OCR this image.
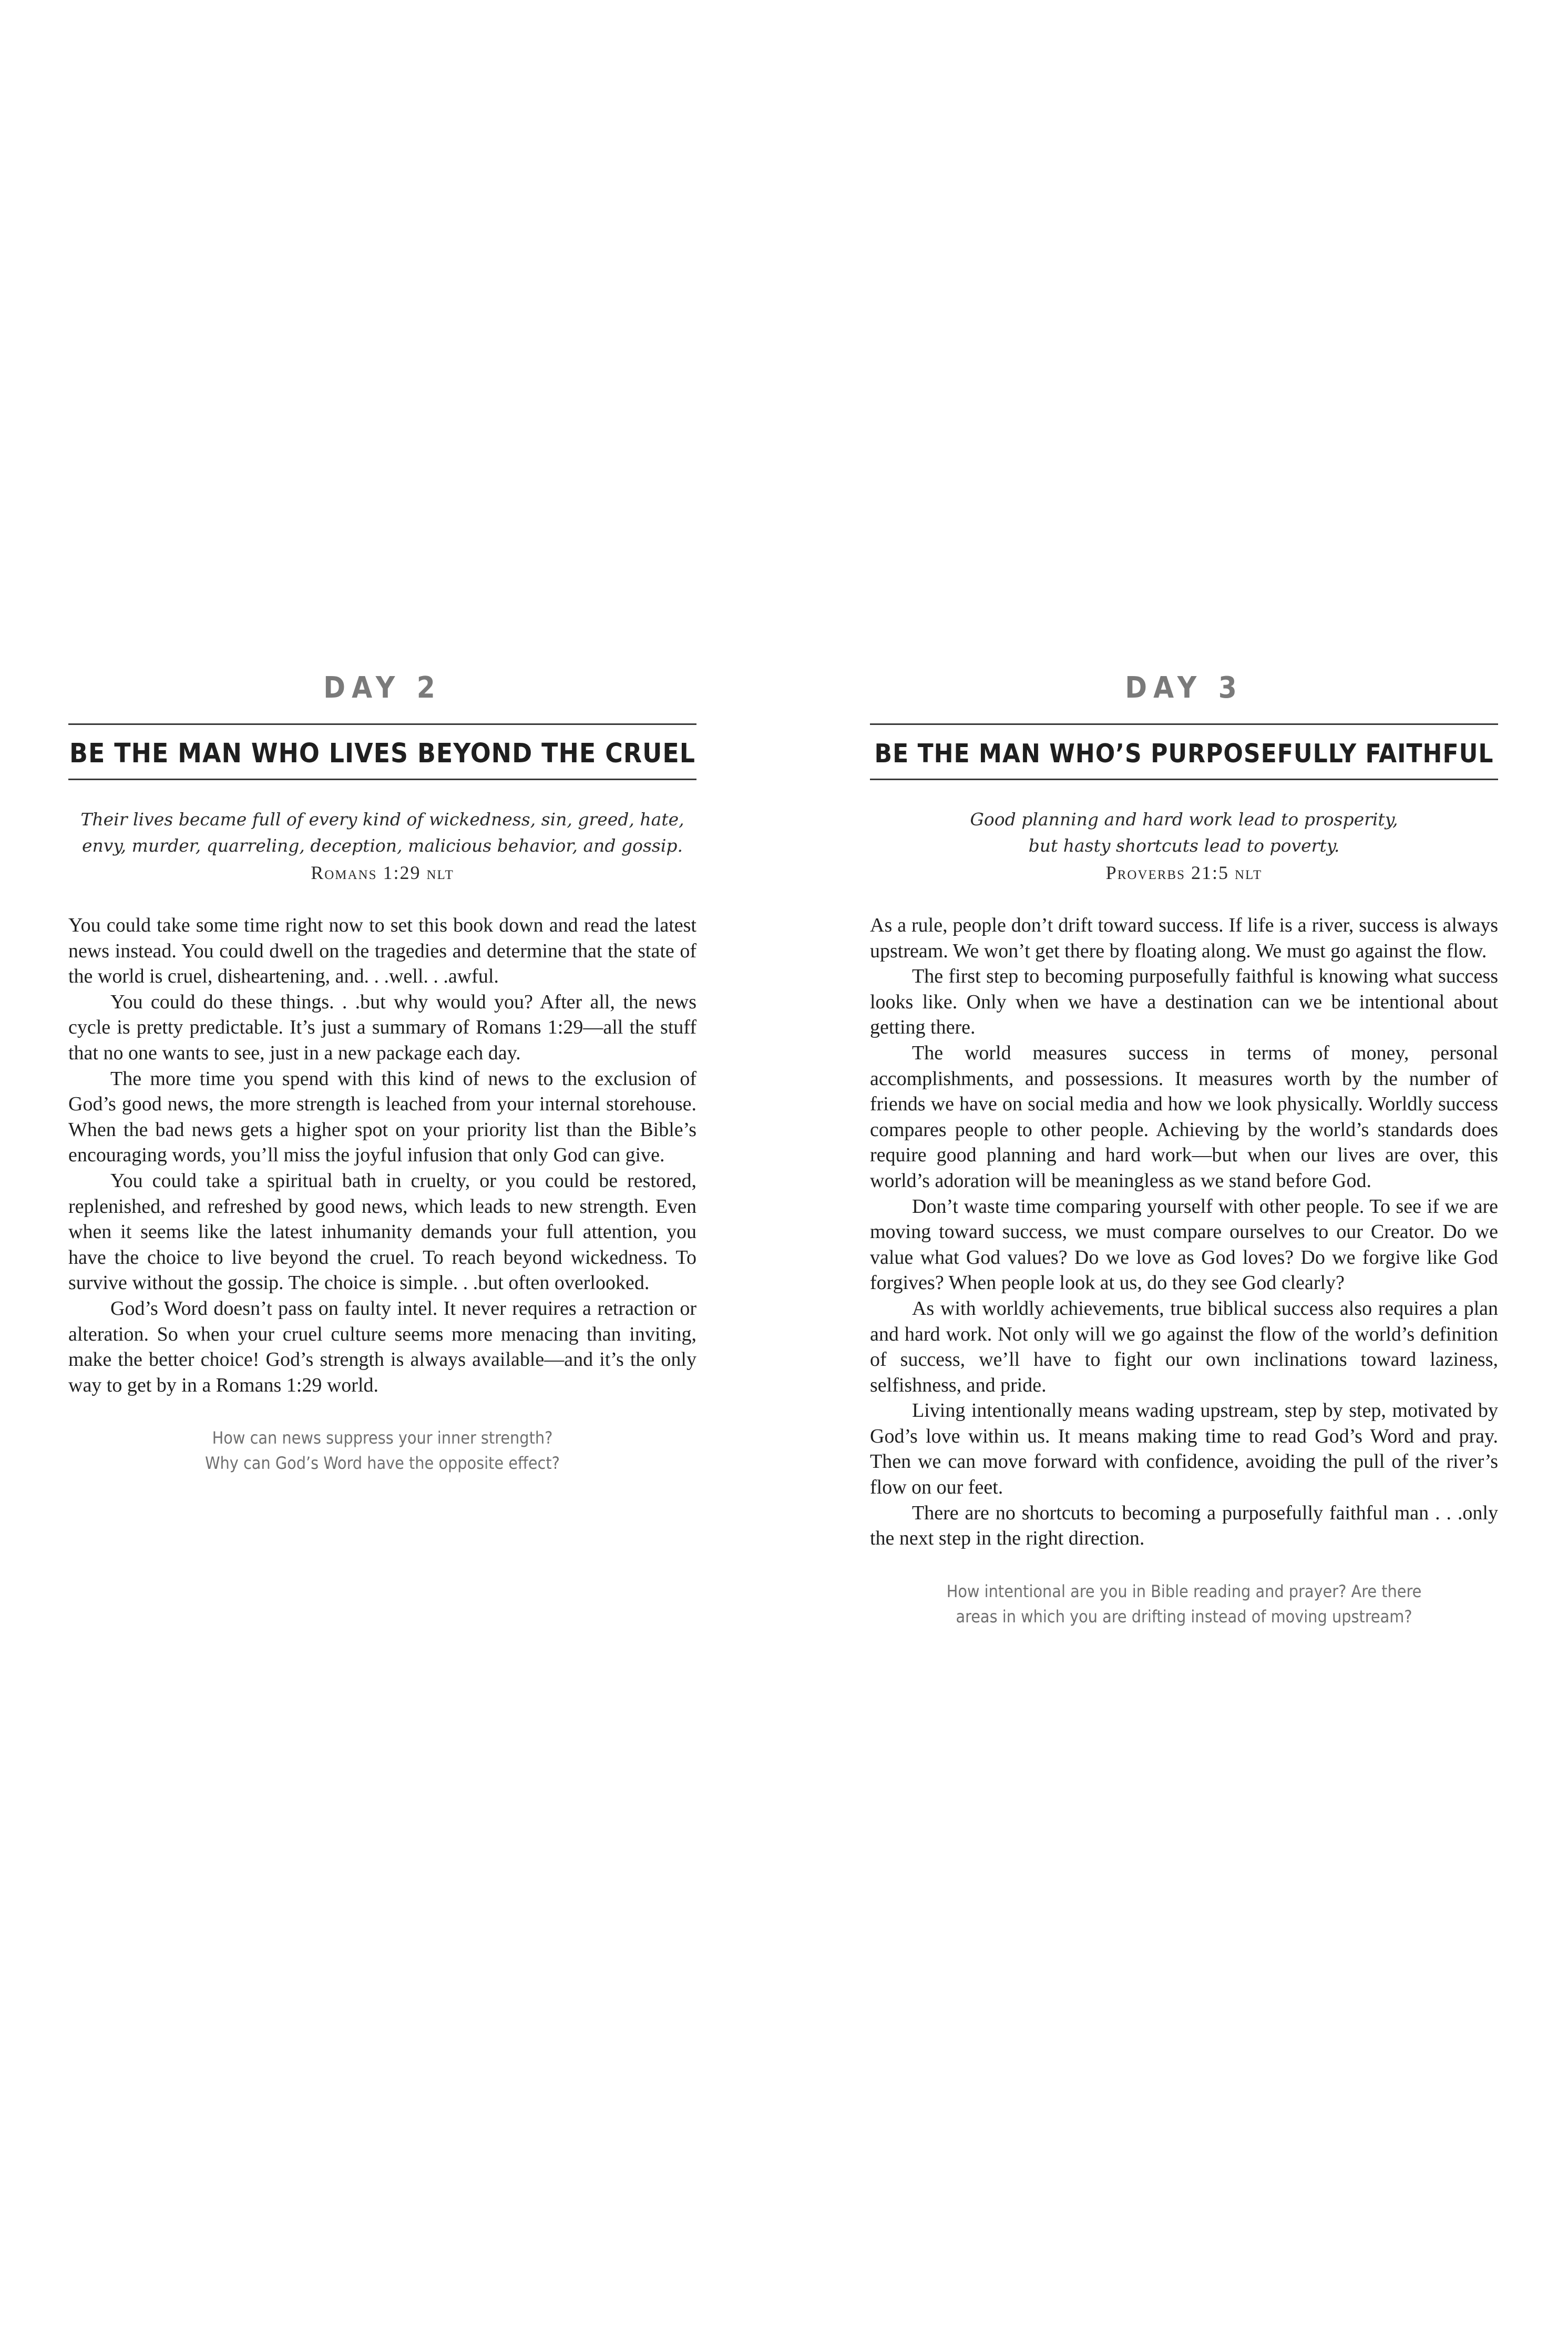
DAY 2
BE THE MAN WHO LIVES BEYOND THE CRUEL
Their lives became full of every kind of wickedness, sin, greed, hate,
envy, murder, quarreling, deception, malicious behavior, and gossip.
Romans 1:29 nlt

You could take some time right now to set this book down and read the latest news instead. You could dwell on the tragedies and determine that the state of the world is cruel, disheartening, and. . .well. . .awful.

You could do these things. . .but why would you? After all, the news cycle is pretty predictable. It’s just a summary of Romans 1:29—all the stuff that no one wants to see, just in a new package each day.

The more time you spend with this kind of news to the exclusion of God’s good news, the more strength is leached from your internal storehouse. When the bad news gets a higher spot on your priority list than the Bible’s encouraging words, you’ll miss the joyful infusion that only God can give.

You could take a spiritual bath in cruelty, or you could be restored, replenished, and refreshed by good news, which leads to new strength. Even when it seems like the latest inhumanity demands your full attention, you have the choice to live beyond the cruel. To reach beyond wickedness. To survive without the gossip. The choice is simple. . .but often overlooked.

God’s Word doesn’t pass on faulty intel. It never requires a retraction or alteration. So when your cruel culture seems more menacing than inviting, make the better choice! God’s strength is always available—and it’s the only way to get by in a Romans 1:29 world.

How can news suppress your inner strength?
Why can God’s Word have the opposite effect?
DAY 3
BE THE MAN WHO’S PURPOSEFULLY FAITHFUL
Good planning and hard work lead to prosperity,
but hasty shortcuts lead to poverty.
Proverbs 21:5 nlt

As a rule, people don’t drift toward success. If life is a river, success is always upstream. We won’t get there by floating along. We must go against the flow.

The first step to becoming purposefully faithful is knowing what success looks like. Only when we have a destination can we be intentional about getting there.

The world measures success in terms of money, personal accomplishments, and possessions. It measures worth by the number of friends we have on social media and how we look physically. Worldly success compares people to other people. Achieving by the world’s standards does require good planning and hard work—but when our lives are over, this world’s adoration will be meaningless as we stand before God.

Don’t waste time comparing yourself with other people. To see if we are moving toward success, we must compare ourselves to our Creator. Do we value what God values? Do we love as God loves? Do we forgive like God forgives? When people look at us, do they see God clearly?

As with worldly achievements, true biblical success also requires a plan and hard work. Not only will we go against the flow of the world’s definition of success, we’ll have to fight our own inclinations toward laziness, selfishness, and pride.

Living intentionally means wading upstream, step by step, motivated by God’s love within us. It means making time to read God’s Word and pray. Then we can move forward with confidence, avoiding the pull of the river’s flow on our feet.

There are no shortcuts to becoming a purposefully faithful man . . .only the next step in the right direction.

How intentional are you in Bible reading and prayer? Are there
areas in which you are drifting instead of moving upstream?
